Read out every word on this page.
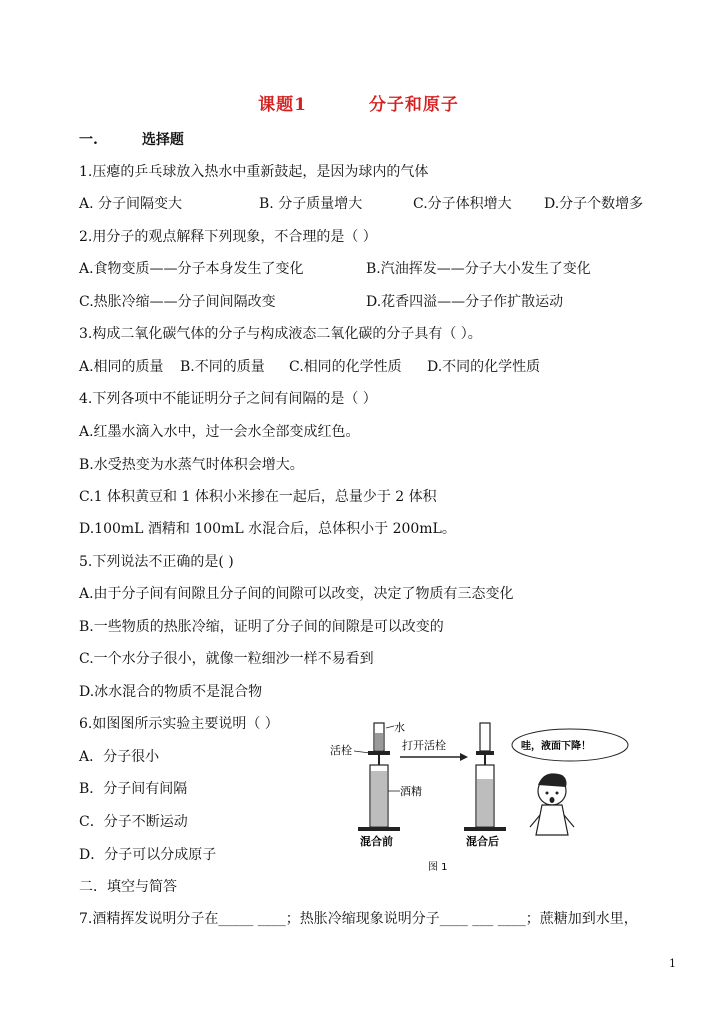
课题1	分子和原子
一.	选择题
1.压瘪的乒乓球放入热水中重新鼓起，是因为球内的气体
A. 分子间隔变大	B. 分子质量增大	C.分子体积增大 D.分子个数增多
2.用分子的观点解释下列现象，不合理的是（ ）
A.食物变质——分子本身发生了变化	B.汽油挥发——分子大小发生了变化
C.热胀冷缩——分子间间隔改变	D.花香四溢——分子作扩散运动
3.构成二氧化碳气体的分子与构成液态二氧化碳的分子具有（ ）。
A.相同的质量 B.不同的质量 C.相同的化学性质 D.不同的化学性质
4.下列各项中不能证明分子之间有间隔的是（ ）
A.红墨水滴入水中，过一会水全部变成红色。
B.水受热变为水蒸气时体积会增大。
C.1 体积黄豆和 1 体积小米掺在一起后，总量少于 2 体积
D.100mL 酒精和 100mL 水混合后，总体积小于 200mL。
5.下列说法不正确的是( )
A.由于分子间有间隙且分子间的间隙可以改变，决定了物质有三态变化
B.一些物质的热胀冷缩，证明了分子间的间隙是可以改变的
C.一个水分子很小，就像一粒细沙一样不易看到
D.冰水混合的物质不是混合物
6.如图图所示实验主要说明（ ）
A．分子很小
B．分子间有间隔
C．分子不断运动
D．分子可以分成原子
水
活栓
酒精
混合前
打开活栓
混合后
哇，液面下降！
图 1
二．填空与简答
7.酒精挥发说明分子在_____ ____；热胀冷缩现象说明分子____ ___ ____；蔗糖加到水里，
1
